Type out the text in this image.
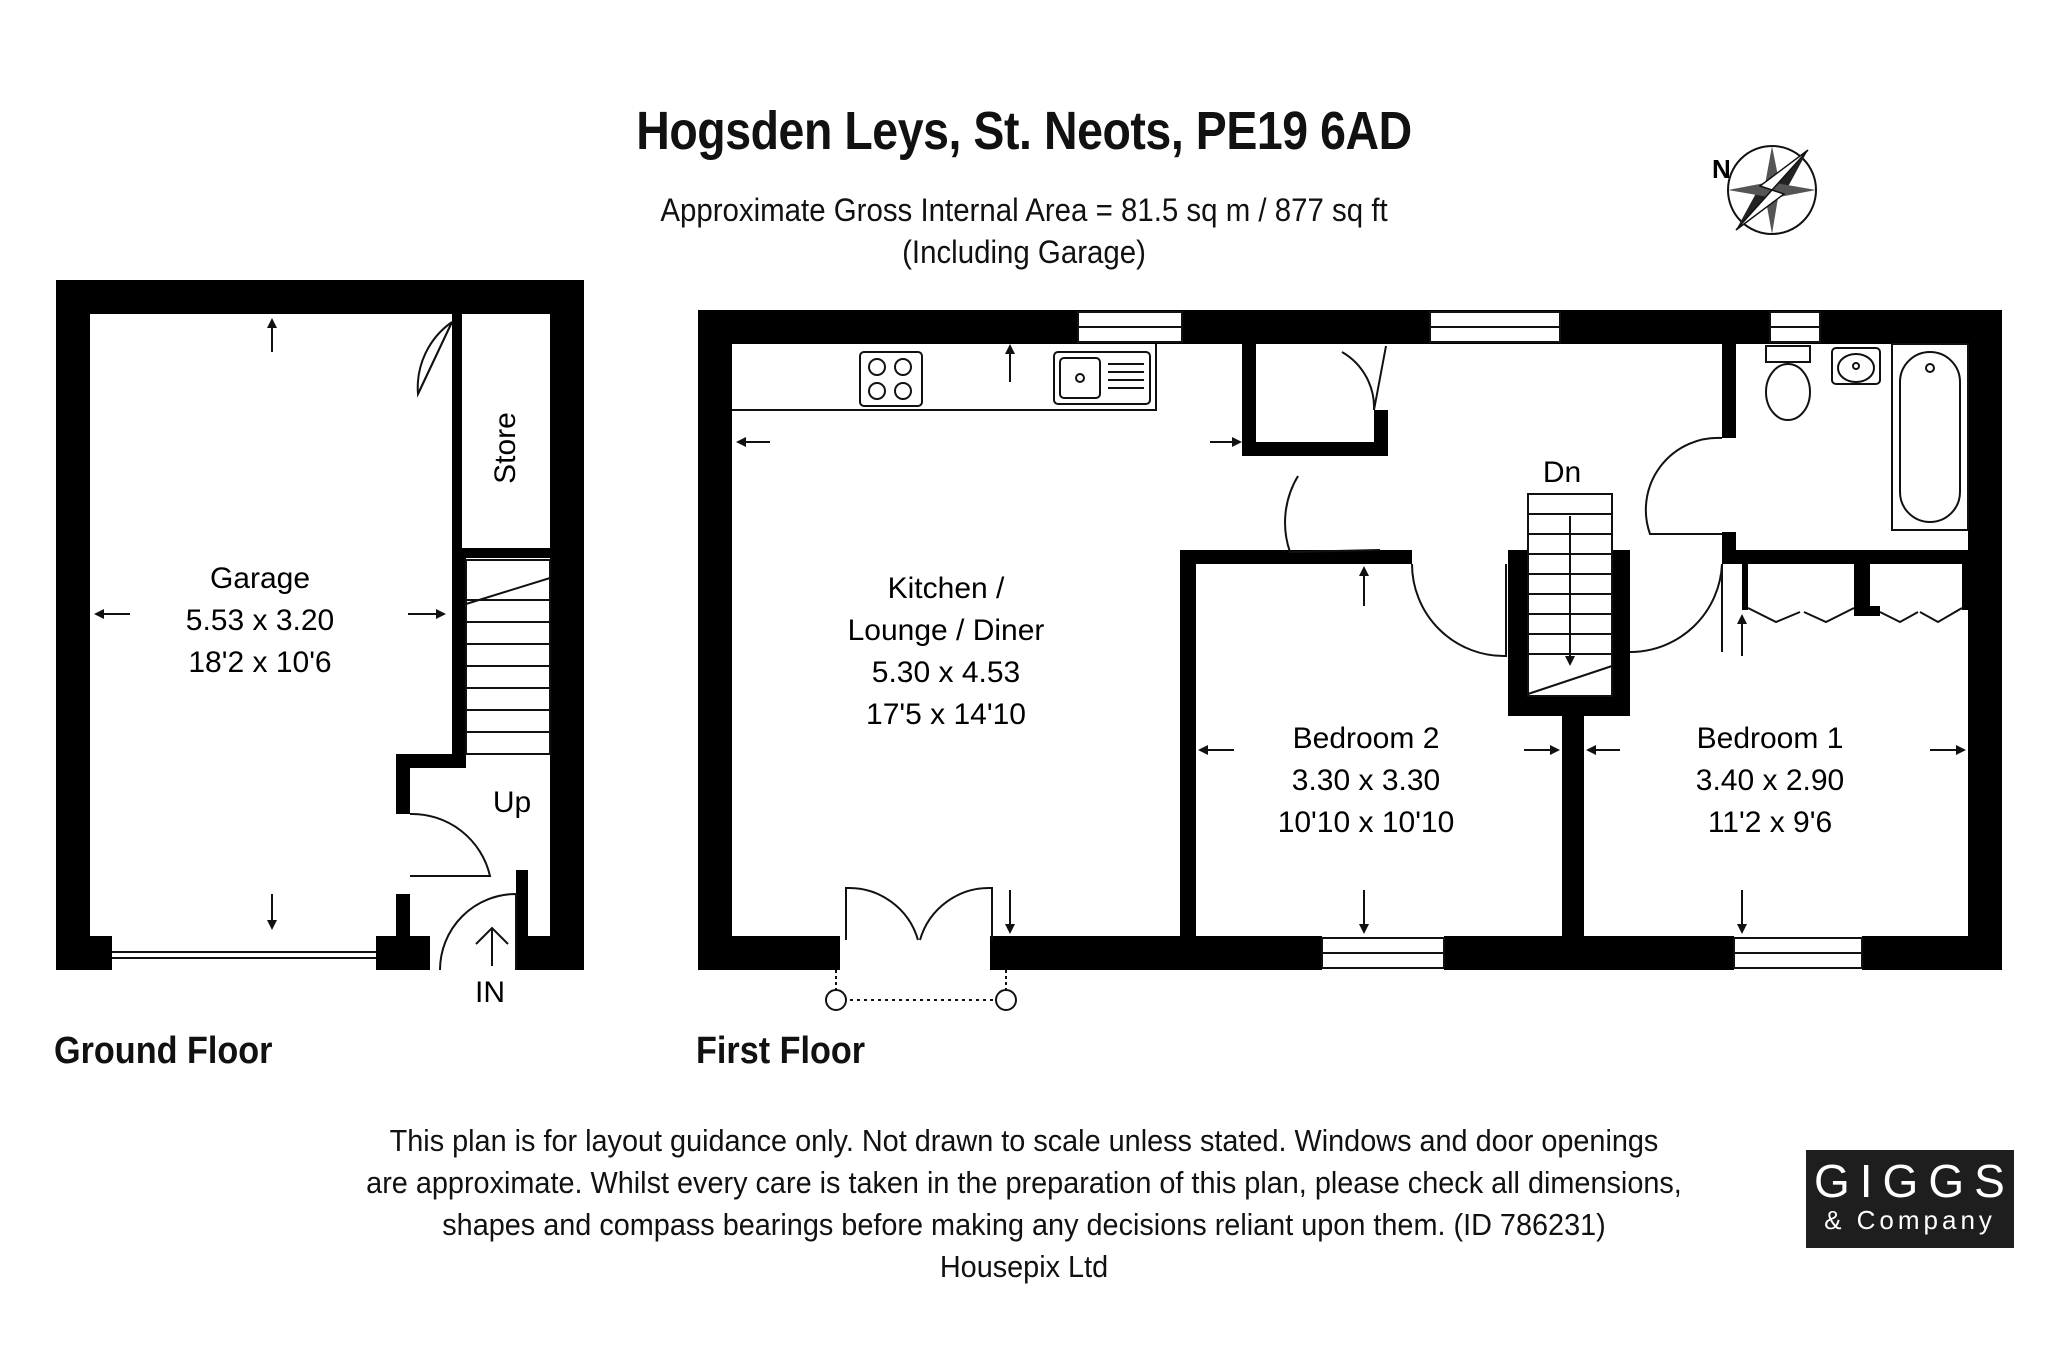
Hogsden Leys, St. Neots, PE19 6AD
Approximate Gross Internal Area = 81.5 sq m / 877 sq ft
(Including Garage)
N
Garage
5.53 x 3.20
18'2 x 10'6
Store
Up
IN
Dn
Kitchen /
Lounge / Diner
5.30 x 4.53
17'5 x 14'10
Bedroom 2
3.30 x 3.30
10'10 x 10'10
Bedroom 1
3.40 x 2.90
11'2 x 9'6
Ground Floor	First Floor
This plan is for layout guidance only. Not drawn to scale unless stated. Windows and door openings
are approximate. Whilst every care is taken in the preparation of this plan, please check all dimensions,
shapes and compass bearings before making any decisions reliant upon them. (ID 786231)
Housepix Ltd
GIGGS
& Company
